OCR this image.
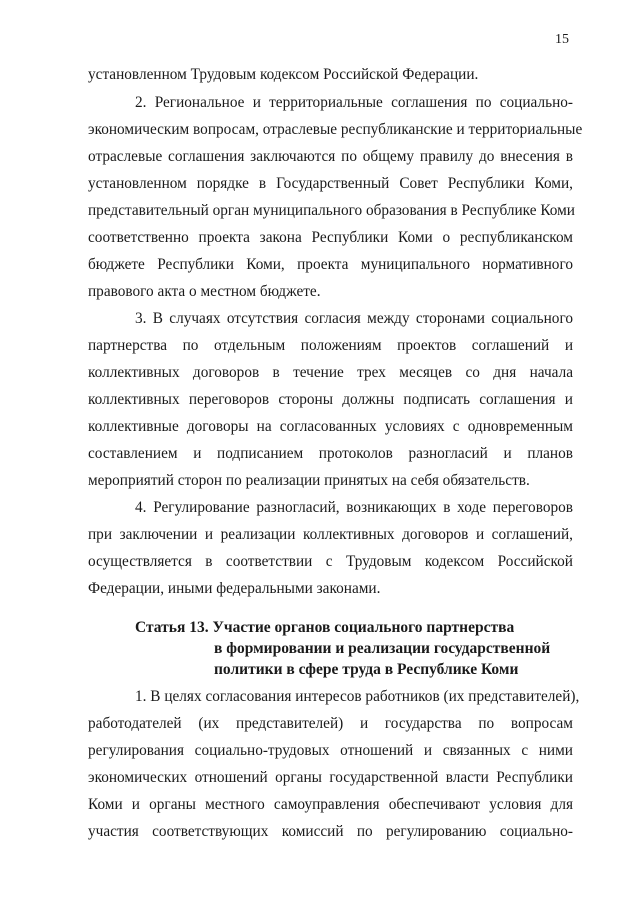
15
установленном Трудовым кодексом Российской Федерации.
2. Региональное и территориальные соглашения по социально-
экономическим вопросам, отраслевые республиканские и территориальные
отраслевые соглашения заключаются по общему правилу до внесения в
установленном порядке в Государственный Совет Республики Коми,
представительный орган муниципального образования в Республике Коми
соответственно проекта закона Республики Коми о республиканском
бюджете Республики Коми, проекта муниципального нормативного
правового акта о местном бюджете.
3. В случаях отсутствия согласия между сторонами социального
партнерства по отдельным положениям проектов соглашений и
коллективных договоров в течение трех месяцев со дня начала
коллективных переговоров стороны должны подписать соглашения и
коллективные договоры на согласованных условиях с одновременным
составлением и подписанием протоколов разногласий и планов
мероприятий сторон по реализации принятых на себя обязательств.
4. Регулирование разногласий, возникающих в ходе переговоров
при заключении и реализации коллективных договоров и соглашений,
осуществляется в соответствии с Трудовым кодексом Российской
Федерации, иными федеральными законами.
Статья 13. Участие органов социального партнерства
в формировании и реализации государственной
политики в сфере труда в Республике Коми
1. В целях согласования интересов работников (их представителей),
работодателей (их представителей) и государства по вопросам
регулирования социально-трудовых отношений и связанных с ними
экономических отношений органы государственной власти Республики
Коми и органы местного самоуправления обеспечивают условия для
участия соответствующих комиссий по регулированию социально-
